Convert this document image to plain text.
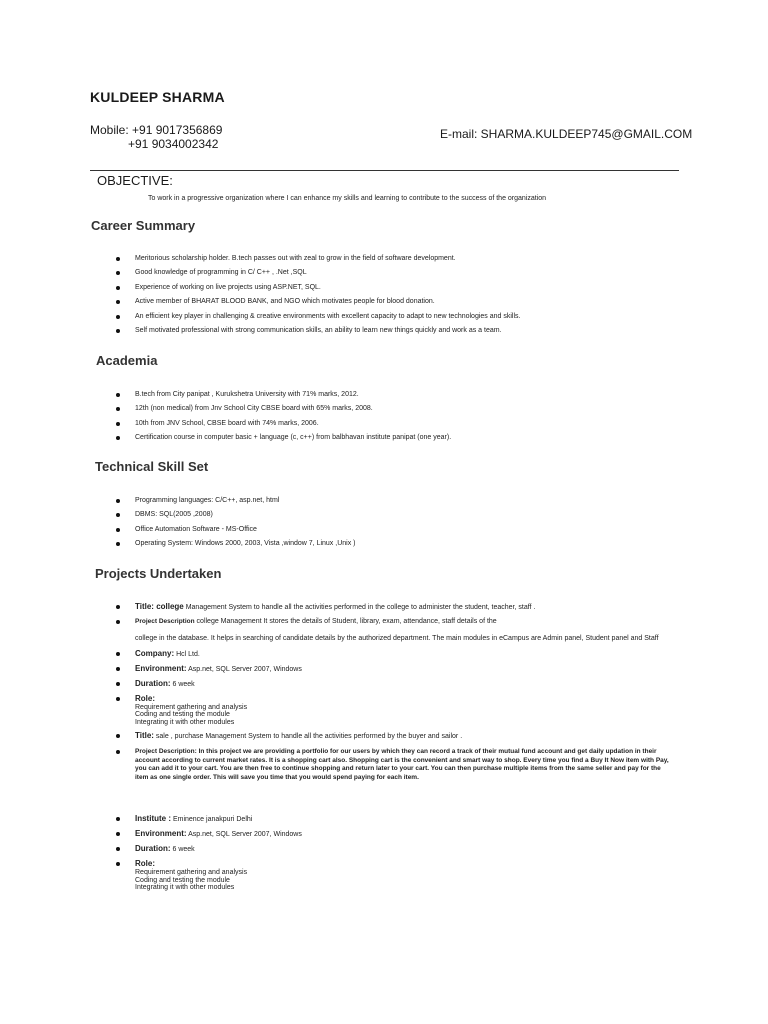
KULDEEP SHARMA
Mobile: +91 9017356869
+91 9034002342
E-mail: SHARMA.KULDEEP745@GMAIL.COM
OBJECTIVE:
To work in a progressive organization where I can enhance my skills and learning to contribute to the success of the organization
Career Summary
Meritorious scholarship holder. B.tech passes out with zeal to grow in the field of software development.
Good knowledge of programming in C/ C++ , .Net ,SQL
Experience of working on live projects using ASP.NET, SQL.
Active member of BHARAT BLOOD BANK, and NGO which motivates people for blood donation.
An efficient key player in challenging & creative environments with excellent capacity to adapt to new technologies and skills.
Self motivated professional with strong communication skills, an ability to learn new things quickly and work as a team.
Academia
B.tech from City panipat , Kurukshetra University with 71% marks, 2012.
12th (non medical) from Jnv School City CBSE board with 65% marks, 2008.
10th from JNV School, CBSE board with 74% marks, 2006.
Certification course in computer basic + language (c, c++) from balbhavan institute panipat (one year).
Technical Skill Set
Programming languages: C/C++, asp.net, html
DBMS: SQL(2005 ,2008)
Office Automation Software - MS-Office
Operating System: Windows 2000, 2003, Vista ,window 7, Linux ,Unix )
Projects Undertaken
Title: college Management System to handle all the activities performed in the college to administer the student, teacher, staff .
Project Description college Management It stores the details of Student, library, exam, attendance, staff details of the
college in the database. It helps in searching of candidate details by the authorized department. The main modules in eCampus are Admin panel, Student panel and Staff
Company: Hcl Ltd.
Environment: Asp.net, SQL Server 2007, Windows
Duration: 6 week
Role:
Requirement gathering and analysis
Coding and testing the module
Integrating it with other modules
Title: sale , purchase Management System to handle all the activities performed by the buyer and sailor .
Project Description: In this project we are providing a portfolio for our users by which they can record a track of their mutual fund account and get daily updation in their account according to current market rates. It is a shopping cart also. Shopping cart is the convenient and smart way to shop. Every time you find a Buy It Now item with Pay, you can add it to your cart. You are then free to continue shopping and return later to your cart. You can then purchase multiple items from the same seller and pay for the item as one single order. This will save you time that you would spend paying for each item.
Institute : Eminence janakpuri Delhi
Environment: Asp.net, SQL Server 2007, Windows
Duration: 6 week
Role:
Requirement gathering and analysis
Coding and testing the module
Integrating it with other modules
